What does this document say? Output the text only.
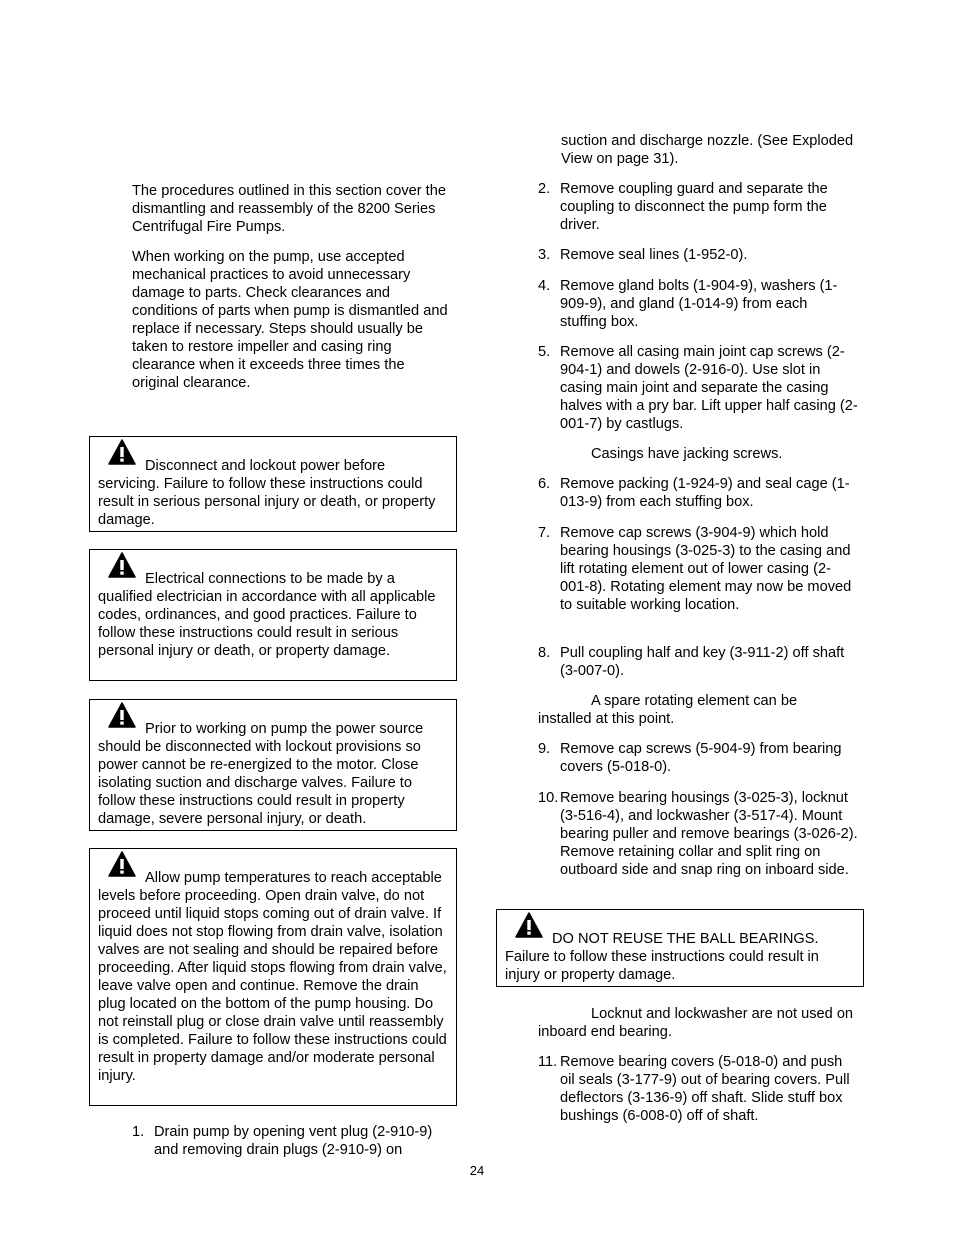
The procedures outlined in this section cover the dismantling and reassembly of the 8200 Series Centrifugal Fire Pumps.

When working on the pump, use accepted mechanical practices to avoid unnecessary damage to parts. Check clearances and conditions of parts when pump is dismantled and replace if necessary. Steps should usually be taken to restore impeller and casing ring clearance when it exceeds three times the original clearance.

Disconnect and lockout power before servicing. Failure to follow these instructions could result in serious personal injury or death, or property damage.

Electrical connections to be made by a qualified electrician in accordance with all applicable codes, ordinances, and good practices. Failure to follow these instructions could result in serious personal injury or death, or property damage.

Prior to working on pump the power source should be disconnected with lockout provisions so power cannot be re-energized to the motor. Close isolating suction and discharge valves. Failure to follow these instructions could result in property damage, severe personal injury, or death.

Allow pump temperatures to reach acceptable levels before proceeding. Open drain valve, do not proceed until liquid stops coming out of drain valve. If liquid does not stop flowing from drain valve, isolation valves are not sealing and should be repaired before proceeding. After liquid stops flowing from drain valve, leave valve open and continue. Remove the drain plug located on the bottom of the pump housing. Do not reinstall plug or close drain valve until reassembly is completed. Failure to follow these instructions could result in property damage and/or moderate personal injury.

1. Drain pump by opening vent plug (2-910-9) and removing drain plugs (2-910-9) on

suction and discharge nozzle. (See Exploded View on page 31).

2. Remove coupling guard and separate the coupling to disconnect the pump form the driver.
3. Remove seal lines (1-952-0).
4. Remove gland bolts (1-904-9), washers (1-909-9), and gland (1-014-9) from each stuffing box.
5. Remove all casing main joint cap screws (2-904-1) and dowels (2-916-0). Use slot in casing main joint and separate the casing halves with a pry bar. Lift upper half casing (2-001-7) by castlugs.

Casings have jacking screws.

6. Remove packing (1-924-9) and seal cage (1-013-9) from each stuffing box.
7. Remove cap screws (3-904-9) which hold bearing housings (3-025-3) to the casing and lift rotating element out of lower casing (2-001-8). Rotating element may now be moved to suitable working location.
8. Pull coupling half and key (3-911-2) off shaft (3-007-0).

A spare rotating element can be installed at this point.

9. Remove cap screws (5-904-9) from bearing covers (5-018-0).
10. Remove bearing housings (3-025-3), locknut (3-516-4), and lockwasher (3-517-4). Mount bearing puller and remove bearings (3-026-2). Remove retaining collar and split ring on outboard side and snap ring on inboard side.

DO NOT REUSE THE BALL BEARINGS. Failure to follow these instructions could result in injury or property damage.

Locknut and lockwasher are not used on inboard end bearing.

11. Remove bearing covers (5-018-0) and push oil seals (3-177-9) out of bearing covers. Pull deflectors (3-136-9) off shaft. Slide stuff box bushings (6-008-0) off of shaft.
24
